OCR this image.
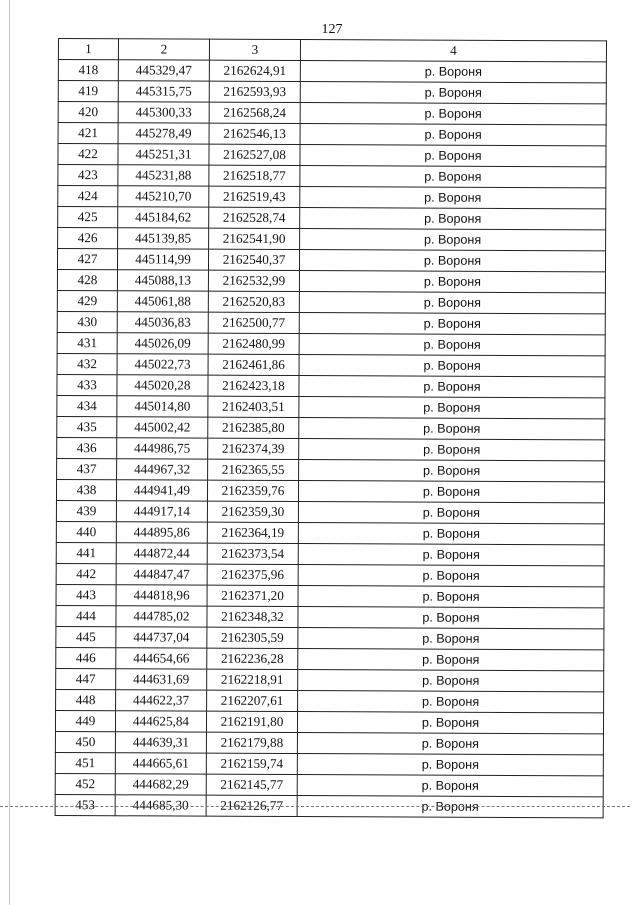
127
1	2	3	4
418	445329,47	2162624,91	р. Вороня
419	445315,75	2162593,93	р. Вороня
420	445300,33	2162568,24	р. Вороня
421	445278,49	2162546,13	р. Вороня
422	445251,31	2162527,08	р. Вороня
423	445231,88	2162518,77	р. Вороня
424	445210,70	2162519,43	р. Вороня
425	445184,62	2162528,74	р. Вороня
426	445139,85	2162541,90	р. Вороня
427	445114,99	2162540,37	р. Вороня
428	445088,13	2162532,99	р. Вороня
429	445061,88	2162520,83	р. Вороня
430	445036,83	2162500,77	р. Вороня
431	445026,09	2162480,99	р. Вороня
432	445022,73	2162461,86	р. Вороня
433	445020,28	2162423,18	р. Вороня
434	445014,80	2162403,51	р. Вороня
435	445002,42	2162385,80	р. Вороня
436	444986,75	2162374,39	р. Вороня
437	444967,32	2162365,55	р. Вороня
438	444941,49	2162359,76	р. Вороня
439	444917,14	2162359,30	р. Вороня
440	444895,86	2162364,19	р. Вороня
441	444872,44	2162373,54	р. Вороня
442	444847,47	2162375,96	р. Вороня
443	444818,96	2162371,20	р. Вороня
444	444785,02	2162348,32	р. Вороня
445	444737,04	2162305,59	р. Вороня
446	444654,66	2162236,28	р. Вороня
447	444631,69	2162218,91	р. Вороня
448	444622,37	2162207,61	р. Вороня
449	444625,84	2162191,80	р. Вороня
450	444639,31	2162179,88	р. Вороня
451	444665,61	2162159,74	р. Вороня
452	444682,29	2162145,77	р. Вороня
453	444685,30	2162126,77	р. Вороня
